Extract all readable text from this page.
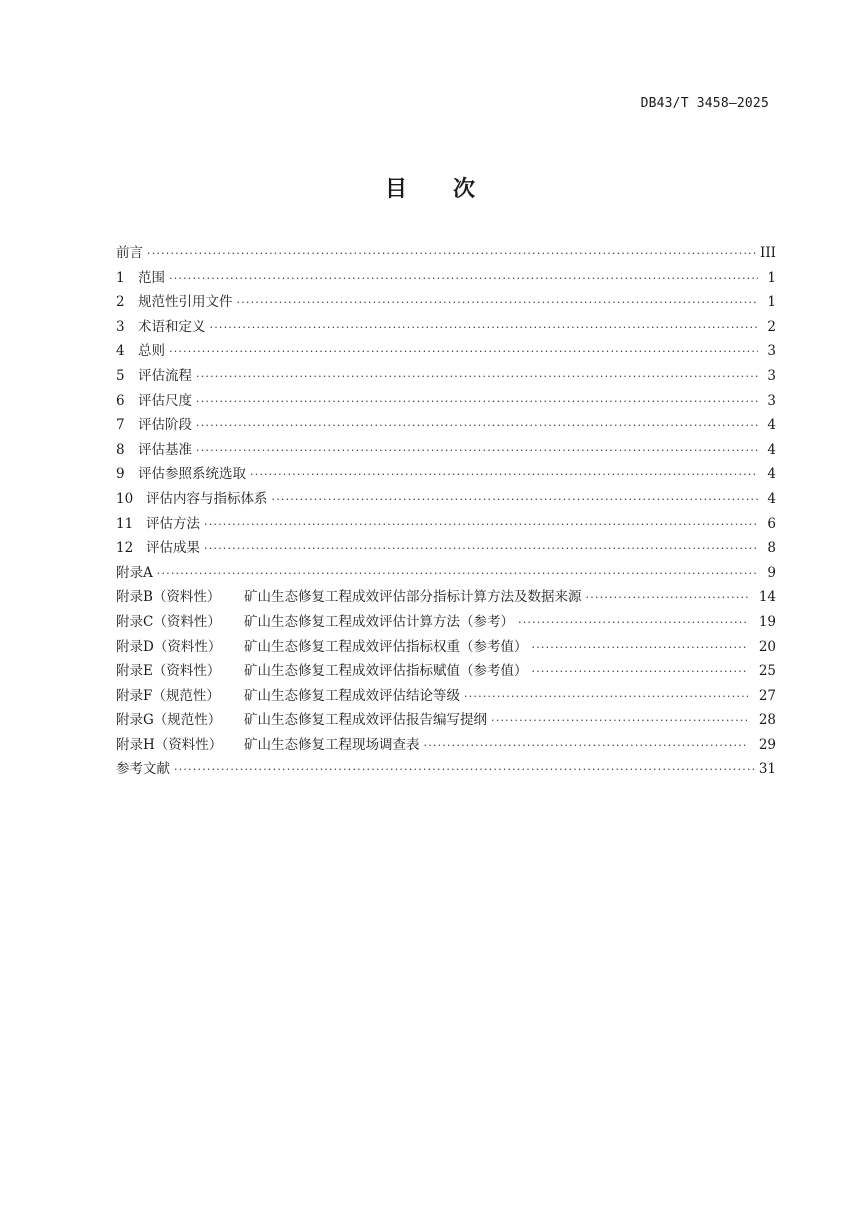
DB43/T 3458—2025
目次
前言 ·····	III
1 范围 ·····	1
2 规范性引用文件 ·····	1
3 术语和定义 ·····	2
4 总则 ·····	3
5 评估流程 ·····	3
6 评估尺度 ·····	3
7 评估阶段 ·····	4
8 评估基准 ·····	4
9 评估参照系统选取 ·····	4
10 评估内容与指标体系 ·····	4
11 评估方法 ·····	6
12 评估成果 ·····	8
附录A ·····	9
附录B（资料性） 矿山生态修复工程成效评估部分指标计算方法及数据来源 ·····	14
附录C（资料性） 矿山生态修复工程成效评估计算方法（参考） ·····	19
附录D（资料性） 矿山生态修复工程成效评估指标权重（参考值） ·····	20
附录E（资料性） 矿山生态修复工程成效评估指标赋值（参考值） ·····	25
附录F（规范性） 矿山生态修复工程成效评估结论等级 ·····	27
附录G（规范性） 矿山生态修复工程成效评估报告编写提纲 ·····	28
附录H（资料性） 矿山生态修复工程现场调查表 ·····	29
参考文献 ·····	31
